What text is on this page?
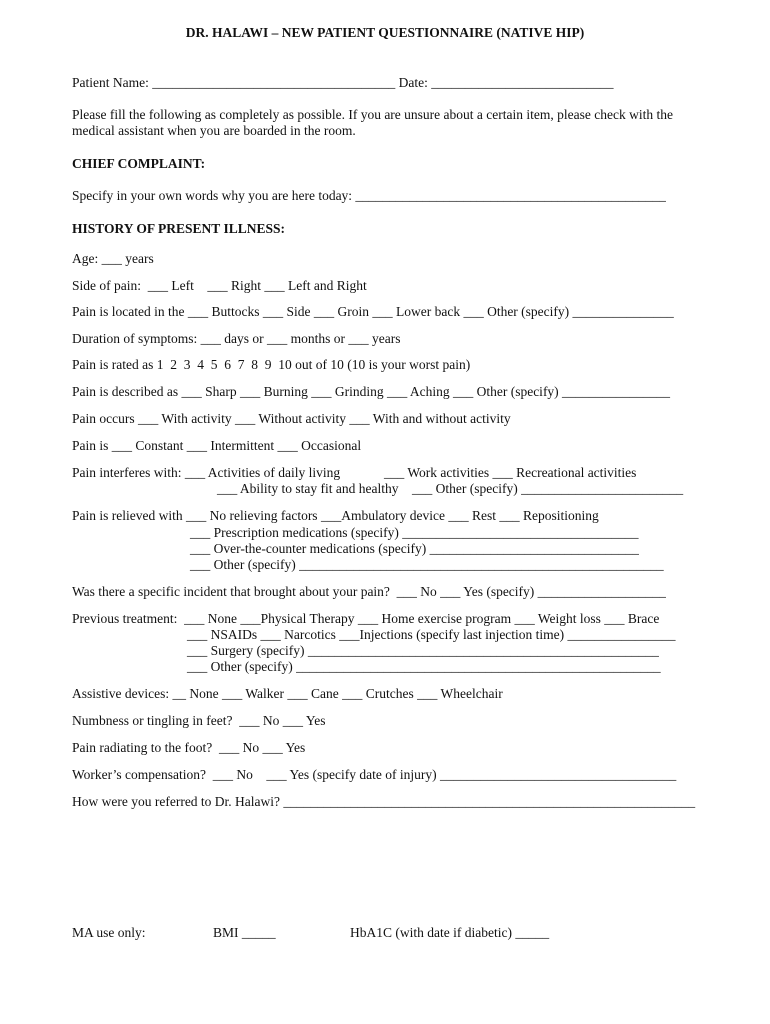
DR. HALAWI – NEW PATIENT QUESTIONNAIRE (NATIVE HIP)
Patient Name: ____________________________________ Date: ___________________________
Please fill the following as completely as possible. If you are unsure about a certain item, please check with the
medical assistant when you are boarded in the room.
CHIEF COMPLAINT:
Specify in your own words why you are here today: ______________________________________________
HISTORY OF PRESENT ILLNESS:
Age: ___ years
Side of pain:  ___ Left    ___ Right ___ Left and Right
Pain is located in the ___ Buttocks ___ Side ___ Groin ___ Lower back ___ Other (specify) _______________
Duration of symptoms: ___ days or ___ months or ___ years
Pain is rated as 1  2  3  4  5  6  7  8  9  10 out of 10 (10 is your worst pain)
Pain is described as ___ Sharp ___ Burning ___ Grinding ___ Aching ___ Other (specify) ________________
Pain occurs ___ With activity ___ Without activity ___ With and without activity
Pain is ___ Constant ___ Intermittent ___ Occasional
Pain interferes with: ___ Activities of daily living             ___ Work activities ___ Recreational activities
___ Ability to stay fit and healthy    ___ Other (specify) ________________________
Pain is relieved with ___ No relieving factors ___Ambulatory device ___ Rest ___ Repositioning
___ Prescription medications (specify) ___________________________________
___ Over-the-counter medications (specify) _______________________________
___ Other (specify) ______________________________________________________
Was there a specific incident that brought about your pain?  ___ No ___ Yes (specify) ___________________
Previous treatment:  ___ None ___Physical Therapy ___ Home exercise program ___ Weight loss ___ Brace
___ NSAIDs ___ Narcotics ___Injections (specify last injection time) ________________
___ Surgery (specify) ____________________________________________________
___ Other (specify) ______________________________________________________
Assistive devices: __ None ___ Walker ___ Cane ___ Crutches ___ Wheelchair
Numbness or tingling in feet?  ___ No ___ Yes
Pain radiating to the foot?  ___ No ___ Yes
Worker’s compensation?  ___ No    ___ Yes (specify date of injury) ___________________________________
How were you referred to Dr. Halawi? _____________________________________________________________
MA use only:	BMI _____	HbA1C (with date if diabetic) _____
